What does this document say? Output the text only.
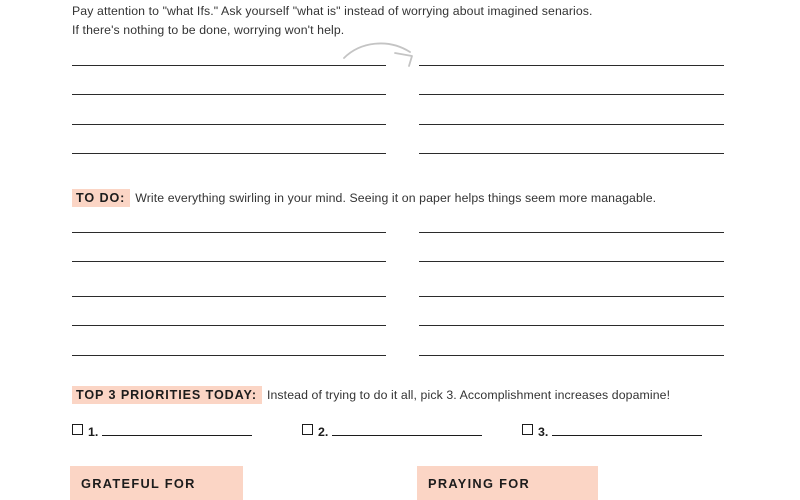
Pay attention to "what Ifs." Ask yourself "what is" instead of worrying about imagined senarios.
If there's nothing to be done, worrying won't help.
TO DO: Write everything swirling in your mind. Seeing it on paper helps things seem more managable.
TOP 3 PRIORITIES TODAY: Instead of trying to do it all, pick 3. Accomplishment increases dopamine!
1.	2.	3.
GRATEFUL FOR	PRAYING FOR
